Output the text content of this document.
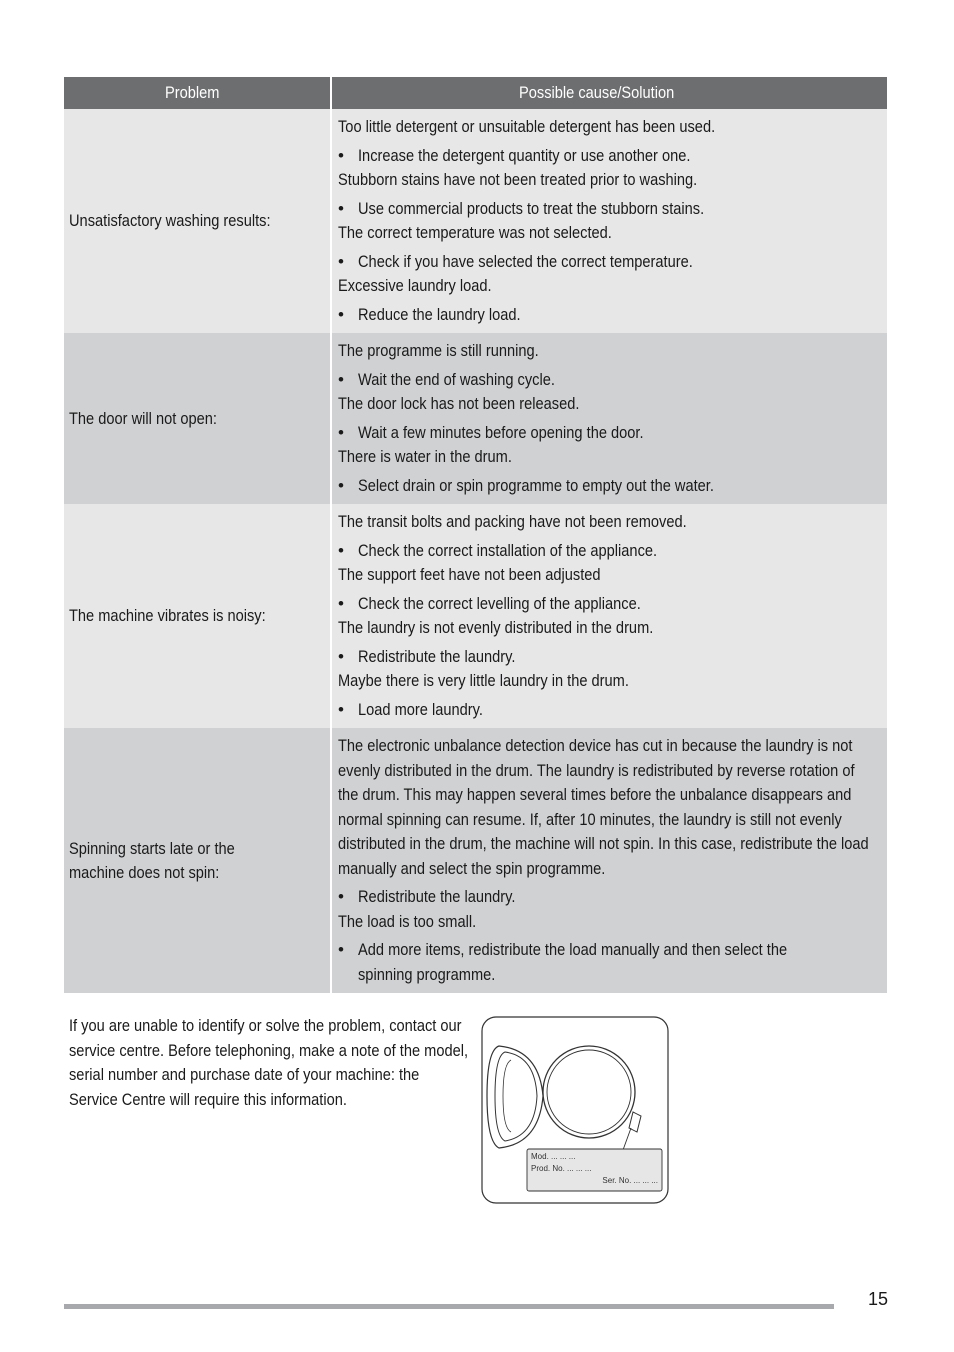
Problem	Possible cause/Solution
Unsatisfactory washing results:
Too little detergent or unsuitable detergent has been used.
• Increase the detergent quantity or use another one.
Stubborn stains have not been treated prior to washing.
• Use commercial products to treat the stubborn stains.
The correct temperature was not selected.
• Check if you have selected the correct temperature.
Excessive laundry load.
• Reduce the laundry load.
The door will not open:
The programme is still running.
• Wait the end of washing cycle.
The door lock has not been released.
• Wait a few minutes before opening the door.
There is water in the drum.
• Select drain or spin programme to empty out the water.
The machine vibrates is noisy:
The transit bolts and packing have not been removed.
• Check the correct installation of the appliance.
The support feet have not been adjusted
• Check the correct levelling of the appliance.
The laundry is not evenly distributed in the drum.
• Redistribute the laundry.
Maybe there is very little laundry in the drum.
• Load more laundry.
Spinning starts late or the machine does not spin:
The electronic unbalance detection device has cut in because the laundry is not evenly distributed in the drum. The laundry is redistributed by reverse rotation of the drum. This may happen several times before the unbalance disappears and normal spinning can resume. If, after 10 minutes, the laundry is still not evenly distributed in the drum, the machine will not spin. In this case, redistribute the load manually and select the spin programme.
• Redistribute the laundry.
The load is too small.
• Add more items, redistribute the load manually and then select the spinning programme.
If you are unable to identify or solve the problem, contact our service centre. Before telephoning, make a note of the model, serial number and purchase date of your machine: the Service Centre will require this information.
Mod. ... ... ...
Prod. No. ... ... ...
Ser. No. ... ... ...
15
